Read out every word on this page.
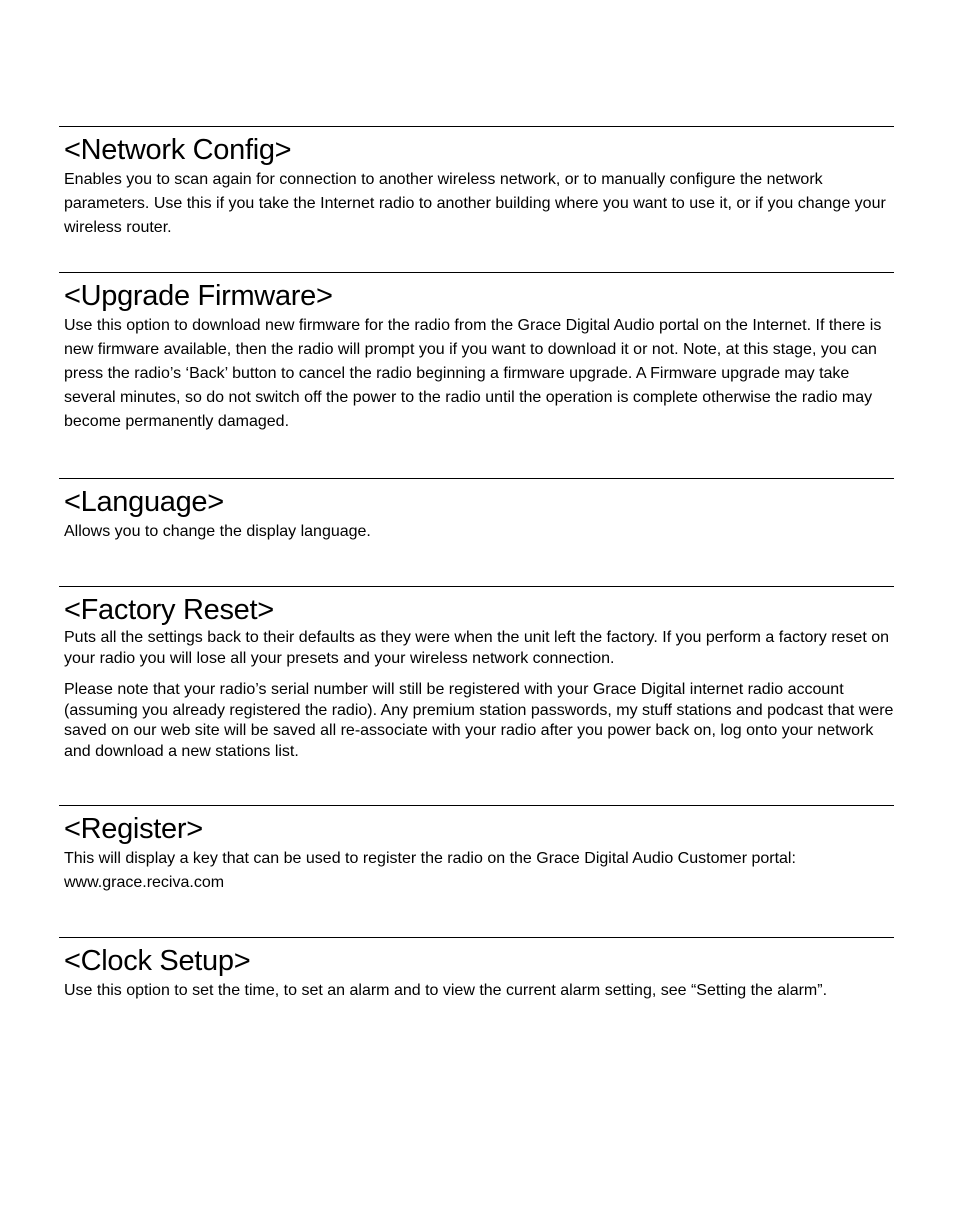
<Network Config>

Enables you to scan again for connection to another wireless network, or to manually configure the network parameters. Use this if you take the Internet radio to another building where you want to use it, or if you change your wireless router.

<Upgrade Firmware>

Use this option to download new firmware for the radio from the Grace Digital Audio portal on the Internet. If there is new firmware available, then the radio will prompt you if you want to download it or not. Note, at this stage, you can press the radio’s ‘Back’ button to cancel the radio beginning a firmware upgrade. A Firmware upgrade may take several minutes, so do not switch off the power to the radio until the operation is complete otherwise the radio may become permanently damaged.

<Language>

Allows you to change the display language.

<Factory Reset>

Puts all the settings back to their defaults as they were when the unit left the factory. If you perform a factory reset on your radio you will lose all your presets and your wireless network connection.

Please note that your radio’s serial number will still be registered with your Grace Digital internet radio account (assuming you already registered the radio). Any premium station passwords, my stuff stations and podcast that were saved on our web site will be saved all re-associate with your radio after you power back on, log onto your network and download a new stations list.

<Register>

This will display a key that can be used to register the radio on the Grace Digital Audio Customer portal: www.grace.reciva.com

<Clock Setup>

Use this option to set the time, to set an alarm and to view the current alarm setting, see “Setting the alarm”.
